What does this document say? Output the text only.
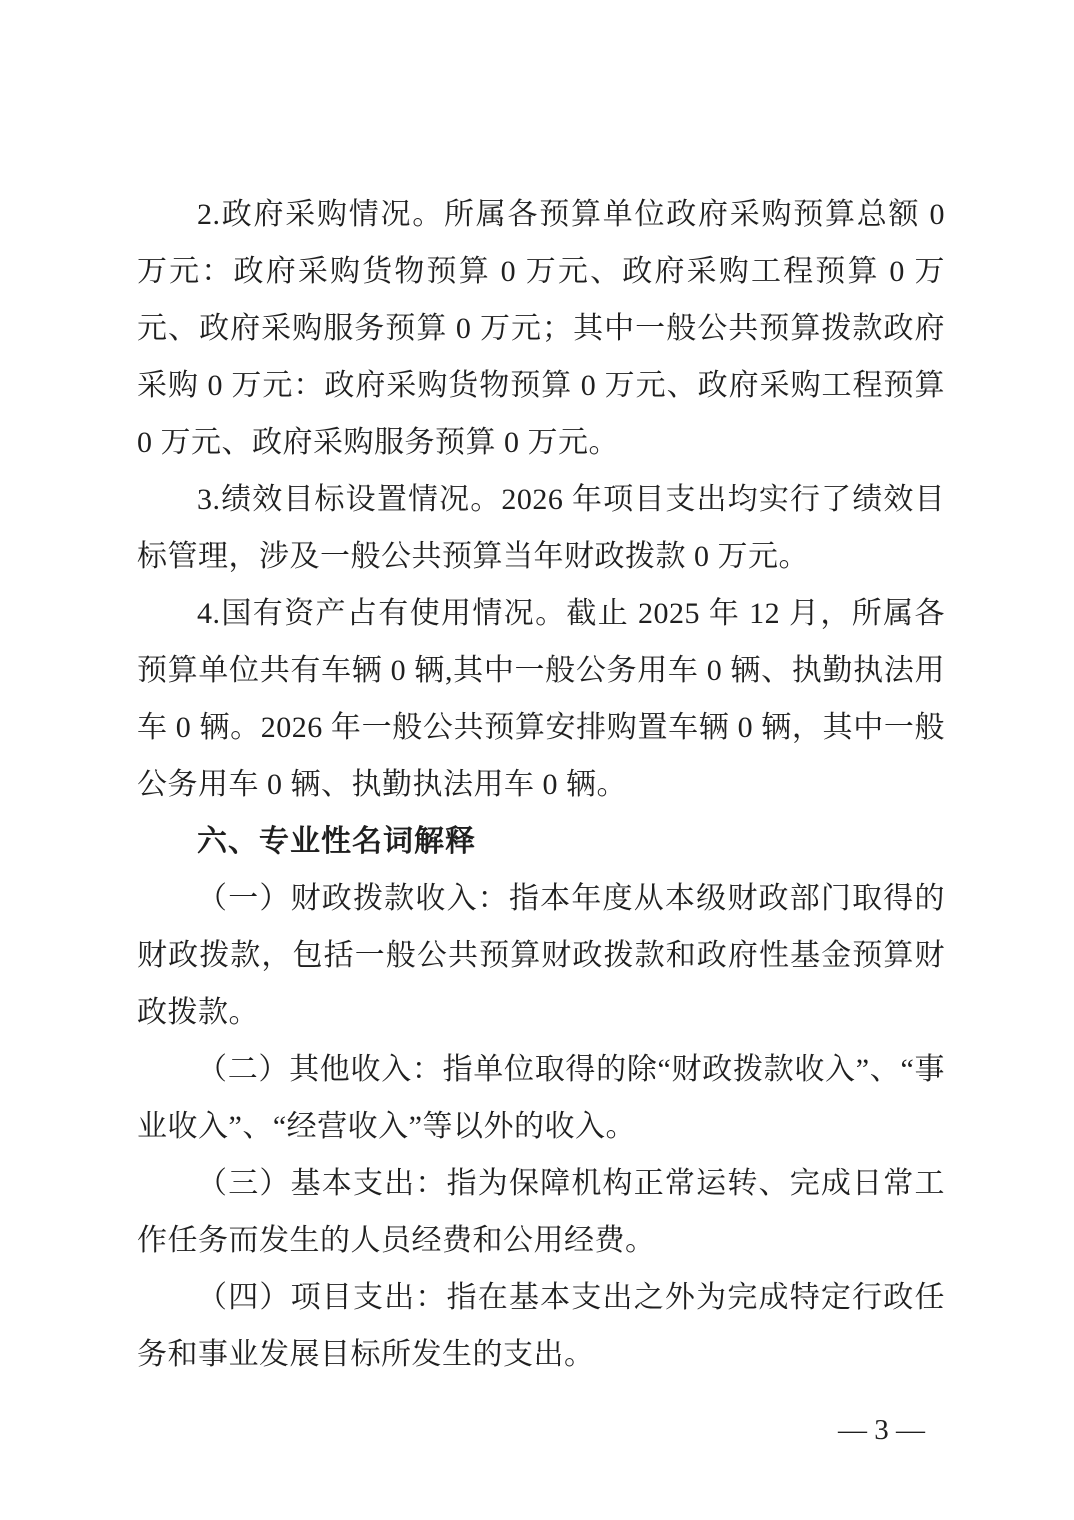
2.政府采购情况。所属各预算单位政府采购预算总额 0 万元：政府采购货物预算 0 万元、政府采购工程预算 0 万元、政府采购服务预算 0 万元；其中一般公共预算拨款政府采购 0 万元：政府采购货物预算 0 万元、政府采购工程预算 0 万元、政府采购服务预算 0 万元。

3.绩效目标设置情况。2026 年项目支出均实行了绩效目标管理，涉及一般公共预算当年财政拨款 0 万元。

4.国有资产占有使用情况。截止 2025 年 12 月，所属各预算单位共有车辆 0 辆,其中一般公务用车 0 辆、执勤执法用车 0 辆。2026 年一般公共预算安排购置车辆 0 辆，其中一般公务用车 0 辆、执勤执法用车 0 辆。

六、专业性名词解释

（一）财政拨款收入：指本年度从本级财政部门取得的财政拨款，包括一般公共预算财政拨款和政府性基金预算财政拨款。

（二）其他收入：指单位取得的除“财政拨款收入”、“事业收入”、“经营收入”等以外的收入。

（三）基本支出：指为保障机构正常运转、完成日常工作任务而发生的人员经费和公用经费。

（四）项目支出：指在基本支出之外为完成特定行政任务和事业发展目标所发生的支出。

— 3 —
